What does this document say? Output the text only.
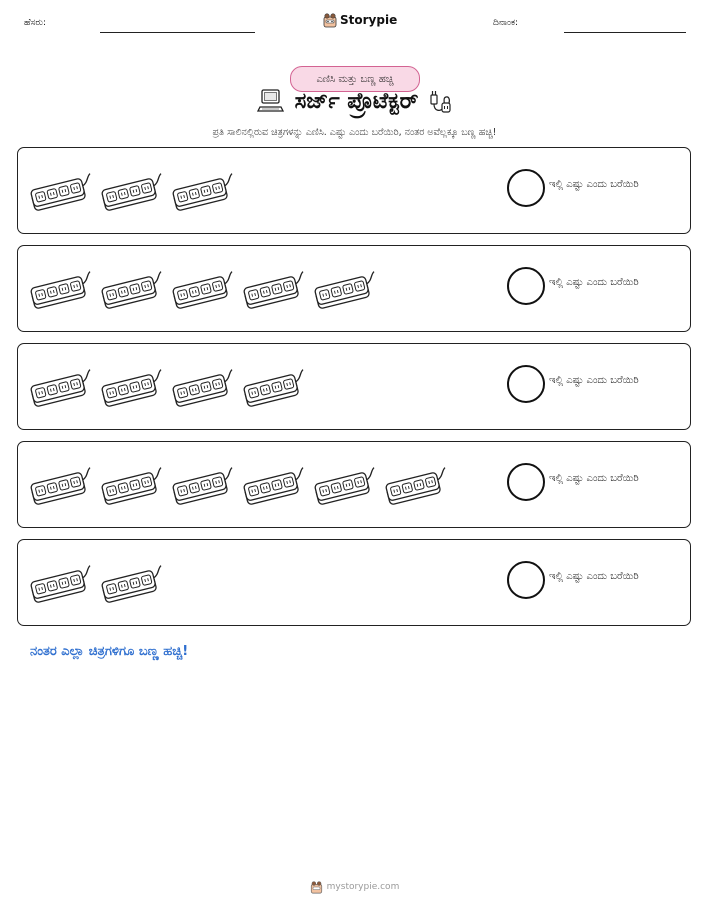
ಹೆಸರು:	Storypie	ದಿನಾಂಕ:
ಎಣಿಸಿ ಮತ್ತು ಬಣ್ಣ ಹಚ್ಚಿ
ಸರ್ಜ್ ಪ್ರೊಟೆಕ್ಟರ್
ಪ್ರತಿ ಸಾಲಿನಲ್ಲಿರುವ ಚಿತ್ರಗಳನ್ನು ಎಣಿಸಿ. ಎಷ್ಟು ಎಂದು ಬರೆಯಿರಿ, ನಂತರ ಅವೆಲ್ಲಕ್ಕೂ ಬಣ್ಣ ಹಚ್ಚಿ!
ಇಲ್ಲಿ ಎಷ್ಟು ಎಂದು ಬರೆಯಿರಿ
ಇಲ್ಲಿ ಎಷ್ಟು ಎಂದು ಬರೆಯಿರಿ
ಇಲ್ಲಿ ಎಷ್ಟು ಎಂದು ಬರೆಯಿರಿ
ಇಲ್ಲಿ ಎಷ್ಟು ಎಂದು ಬರೆಯಿರಿ
ಇಲ್ಲಿ ಎಷ್ಟು ಎಂದು ಬರೆಯಿರಿ
ನಂತರ ಎಲ್ಲಾ ಚಿತ್ರಗಳಿಗೂ ಬಣ್ಣ ಹಚ್ಚಿ!
mystorypie.com
